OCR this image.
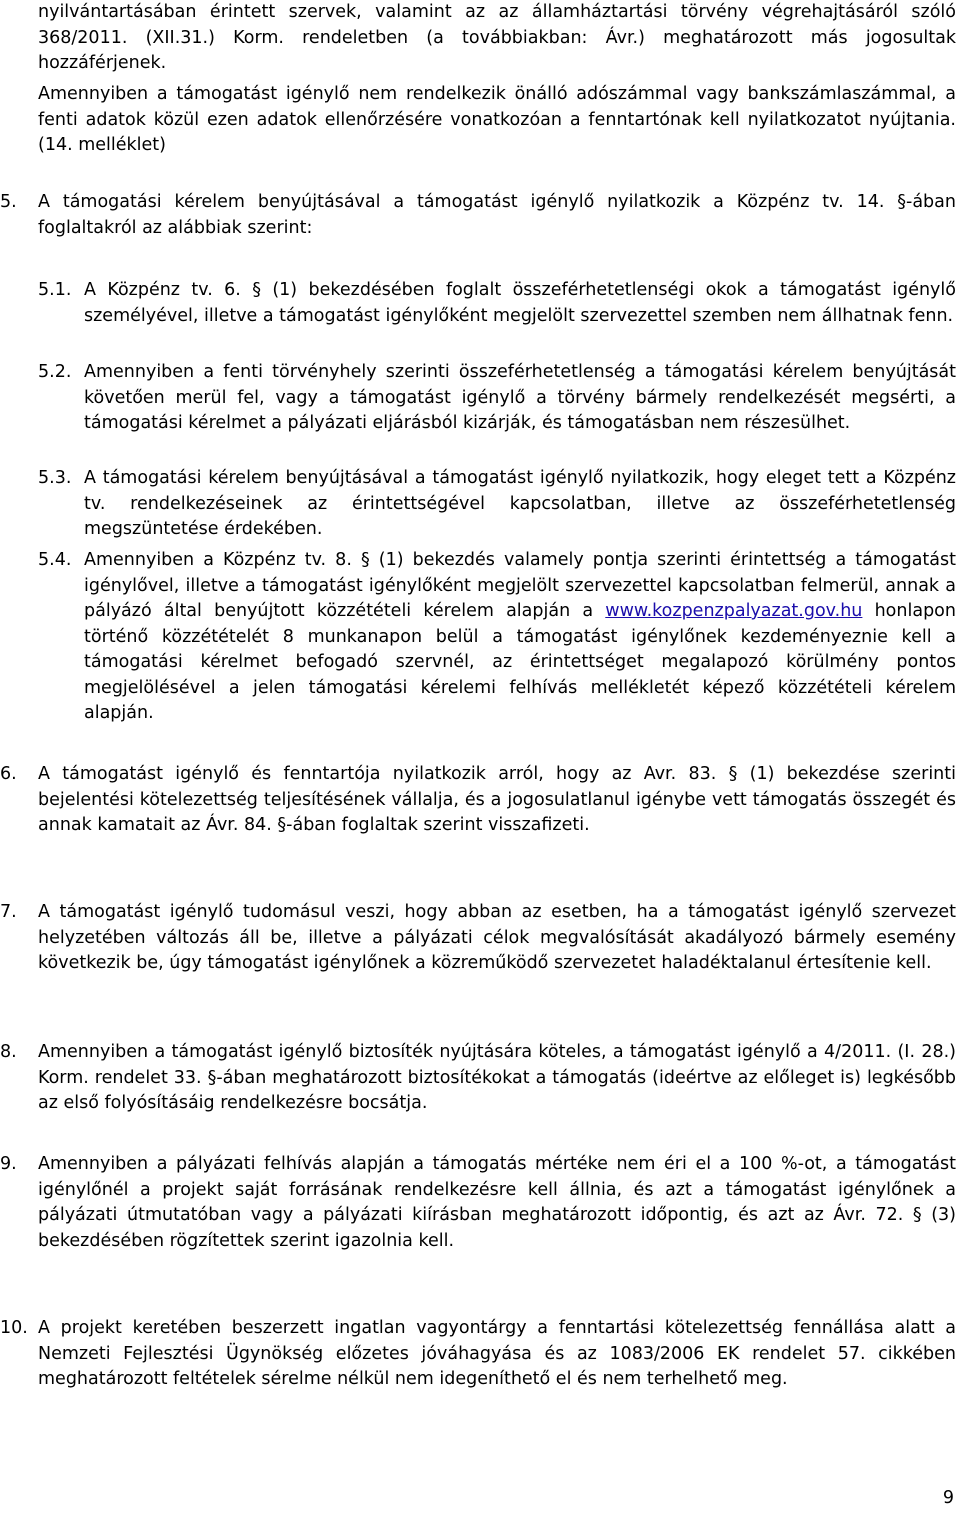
nyilvántartásában érintett szervek, valamint az az államháztartási törvény végrehajtásáról szóló 368/2011. (XII.31.) Korm. rendeletben (a továbbiakban: Ávr.) meghatározott más jogosultak hozzáférjenek.

Amennyiben a támogatást igénylő nem rendelkezik önálló adószámmal vagy bankszámlaszámmal, a fenti adatok közül ezen adatok ellenőrzésére vonatkozóan a fenntartónak kell nyilatkozatot nyújtania.(14. melléklet)

5. A támogatási kérelem benyújtásával a támogatást igénylő nyilatkozik a Közpénz tv. 14. §-ában foglaltakról az alábbiak szerint:

5.1. A Közpénz tv. 6. § (1) bekezdésében foglalt összeférhetetlenségi okok a támogatást igénylő személyével, illetve a támogatást igénylőként megjelölt szervezettel szemben nem állhatnak fenn.

5.2. Amennyiben a fenti törvényhely szerinti összeférhetetlenség a támogatási kérelem benyújtását követően merül fel, vagy a támogatást igénylő a törvény bármely rendelkezését megsérti, a támogatási kérelmet a pályázati eljárásból kizárják, és támogatásban nem részesülhet.

5.3. A támogatási kérelem benyújtásával a támogatást igénylő nyilatkozik, hogy eleget tett a Közpénz tv. rendelkezéseinek az érintettségével kapcsolatban, illetve az összeférhetetlenség megszüntetése érdekében.

5.4. Amennyiben a Közpénz tv. 8. § (1) bekezdés valamely pontja szerinti érintettség a támogatást igénylővel, illetve a támogatást igénylőként megjelölt szervezettel kapcsolatban felmerül, annak a pályázó által benyújtott közzétételi kérelem alapján a www.kozpenzpalyazat.gov.hu honlapon történő közzétételét 8 munkanapon belül a támogatást igénylőnek kezdeményeznie kell a támogatási kérelmet befogadó szervnél, az érintettséget megalapozó körülmény pontos megjelölésével a jelen támogatási kérelemi felhívás mellékletét képező közzétételi kérelem alapján.

6. A támogatást igénylő és fenntartója nyilatkozik arról, hogy az Avr. 83. § (1) bekezdése szerinti bejelentési kötelezettség teljesítésének vállalja, és a jogosulatlanul igénybe vett támogatás összegét és annak kamatait az Ávr. 84. §-ában foglaltak szerint visszafizeti.

7. A támogatást igénylő tudomásul veszi, hogy abban az esetben, ha a támogatást igénylő szervezet helyzetében változás áll be, illetve a pályázati célok megvalósítását akadályozó bármely esemény következik be, úgy támogatást igénylőnek a közreműködő szervezetet haladéktalanul értesítenie kell.

8. Amennyiben a támogatást igénylő biztosíték nyújtására köteles, a támogatást igénylő a 4/2011. (I. 28.) Korm. rendelet 33. §-ában meghatározott biztosítékokat a támogatás (ideértve az előleget is) legkésőbb az első folyósításáig rendelkezésre bocsátja.

9. Amennyiben a pályázati felhívás alapján a támogatás mértéke nem éri el a 100 %-ot, a támogatást igénylőnél a projekt saját forrásának rendelkezésre kell állnia, és azt a támogatást igénylőnek a pályázati útmutatóban vagy a pályázati kiírásban meghatározott időpontig, és azt az Ávr. 72. § (3) bekezdésében rögzítettek szerint igazolnia kell.

10. A projekt keretében beszerzett ingatlan vagyontárgy a fenntartási kötelezettség fennállása alatt a Nemzeti Fejlesztési Ügynökség előzetes jóváhagyása és az 1083/2006 EK rendelet 57. cikkében meghatározott feltételek sérelme nélkül nem idegeníthető el és nem terhelhető meg.

9
